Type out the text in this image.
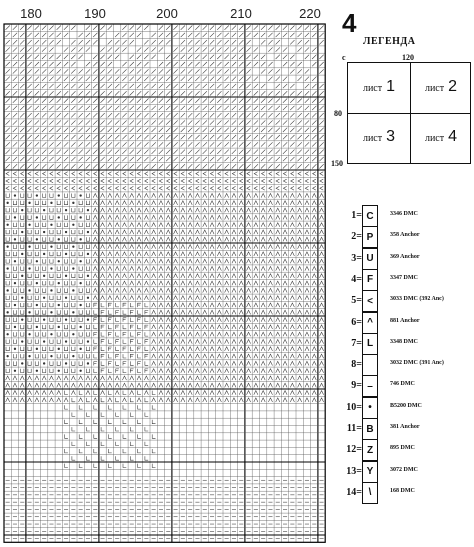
180	190	200	210	220 4
ЛЕГЕНДА
с	120
80
150
лист 1	лист 2
лист 3	лист 4
1= C	3346 DMC
2= P	358 Anchor
3= U	369 Anchor
4= F	3347 DMC
5= <	3033 DMC (392 Anc)
6= ^	881 Anchor
7= L	3348 DMC
8=	3032 DMC (391 Anc)
9= –	746 DMC
10= •	B5200 DMC
11= B	381 Anchor
12= Z	895 DMC
13= Y	3072 DMC
14= \	168 DMC
